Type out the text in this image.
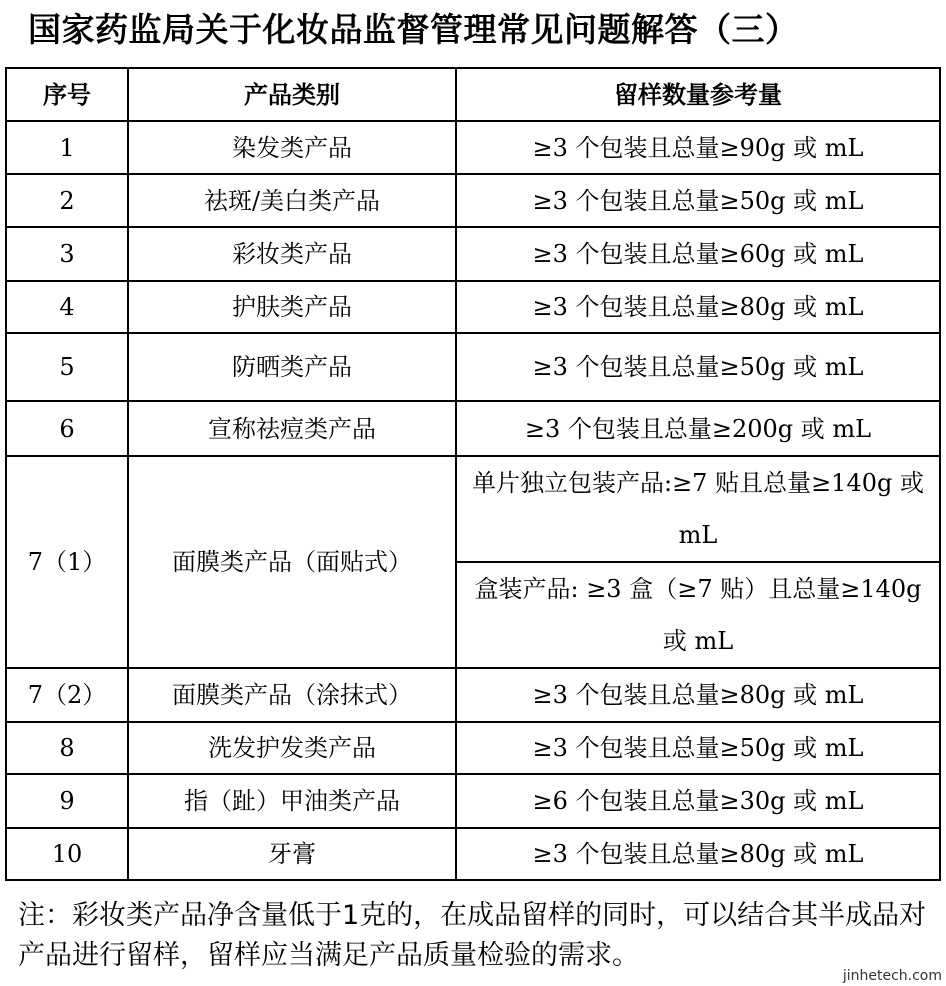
国家药监局关于化妆品监督管理常见问题解答（三）
序号	产品类别	留样数量参考量
1	染发类产品	≥3 个包装且总量≥90g 或 mL
2	祛斑/美白类产品	≥3 个包装且总量≥50g 或 mL
3	彩妆类产品	≥3 个包装且总量≥60g 或 mL
4	护肤类产品	≥3 个包装且总量≥80g 或 mL
5	防晒类产品	≥3 个包装且总量≥50g 或 mL
6	宣称祛痘类产品	≥3 个包装且总量≥200g 或 mL
7（1）	面膜类产品（面贴式）	单片独立包装产品:≥7 贴且总量≥140g 或 mL
		盒装产品: ≥3 盒（≥7 贴）且总量≥140g 或 mL
7（2）	面膜类产品（涂抹式）	≥3 个包装且总量≥80g 或 mL
8	洗发护发类产品	≥3 个包装且总量≥50g 或 mL
9	指（趾）甲油类产品	≥6 个包装且总量≥30g 或 mL
10	牙膏	≥3 个包装且总量≥80g 或 mL
注：彩妆类产品净含量低于1克的，在成品留样的同时，可以结合其半成品对产品进行留样，留样应当满足产品质量检验的需求。
jinhetech.com
